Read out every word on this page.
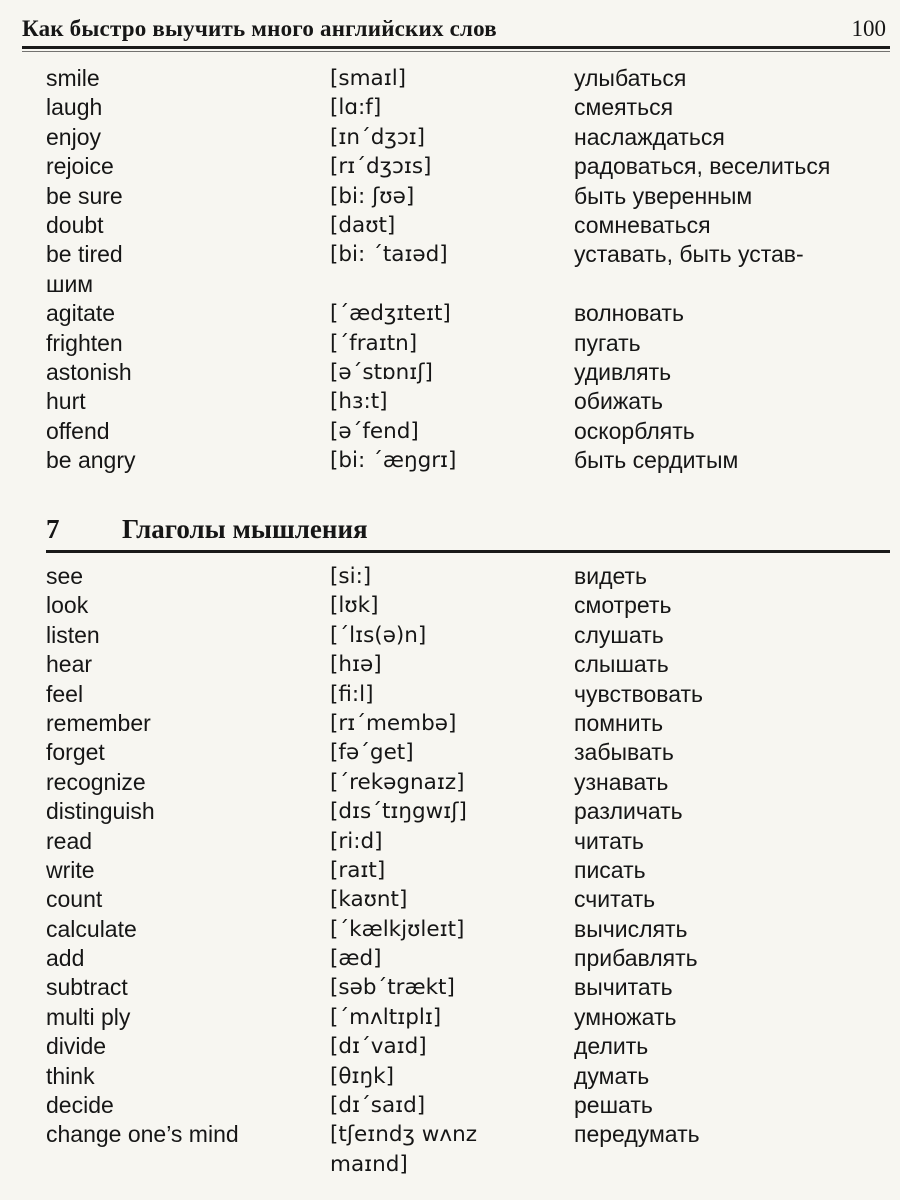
Как быстро выучить много английских слов	100
smile	[smaɪl]	улыбаться
laugh	[lɑ:f]	смеяться
enjoy	[ɪnˊdʒɔɪ]	наслаждаться
rejoice	[rɪˊdʒɔɪs]	радоваться, веселиться
be sure	[bi: ʃʊə]	быть уверенным
doubt	[daʊt]	сомневаться
be tired	[bi: ˊtaɪəd]	уставать, быть устав-
шим
agitate	[ˊædʒɪteɪt]	волновать
frighten	[ˊfraɪtn]	пугать
astonish	[əˊstɒnɪʃ]	удивлять
hurt	[hɜ:t]	обижать
offend	[əˊfend]	оскорблять
be angry	[bi: ˊæŋgrɪ]	быть сердитым
7 Глаголы мышления
see	[si:]	видеть
look	[lʊk]	смотреть
listen	[ˊlɪs(ə)n]	слушать
hear	[hɪə]	слышать
feel	[fi:l]	чувствовать
remember	[rɪˊmembə]	помнить
forget	[fəˊget]	забывать
recognize	[ˊrekəgnaɪz]	узнавать
distinguish	[dɪsˊtɪŋgwɪʃ]	различать
read	[ri:d]	читать
write	[raɪt]	писать
count	[kaʊnt]	считать
calculate	[ˊkælkjʊleɪt]	вычислять
add	[æd]	прибавлять
subtract	[səbˊtrækt]	вычитать
multi ply	[ˊmʌltɪplɪ]	умножать
divide	[dɪˊvaɪd]	делить
think	[θɪŋk]	думать
decide	[dɪˊsaɪd]	решать
change one’s mind	[tʃeɪndʒ wʌnz	передумать
maɪnd]
